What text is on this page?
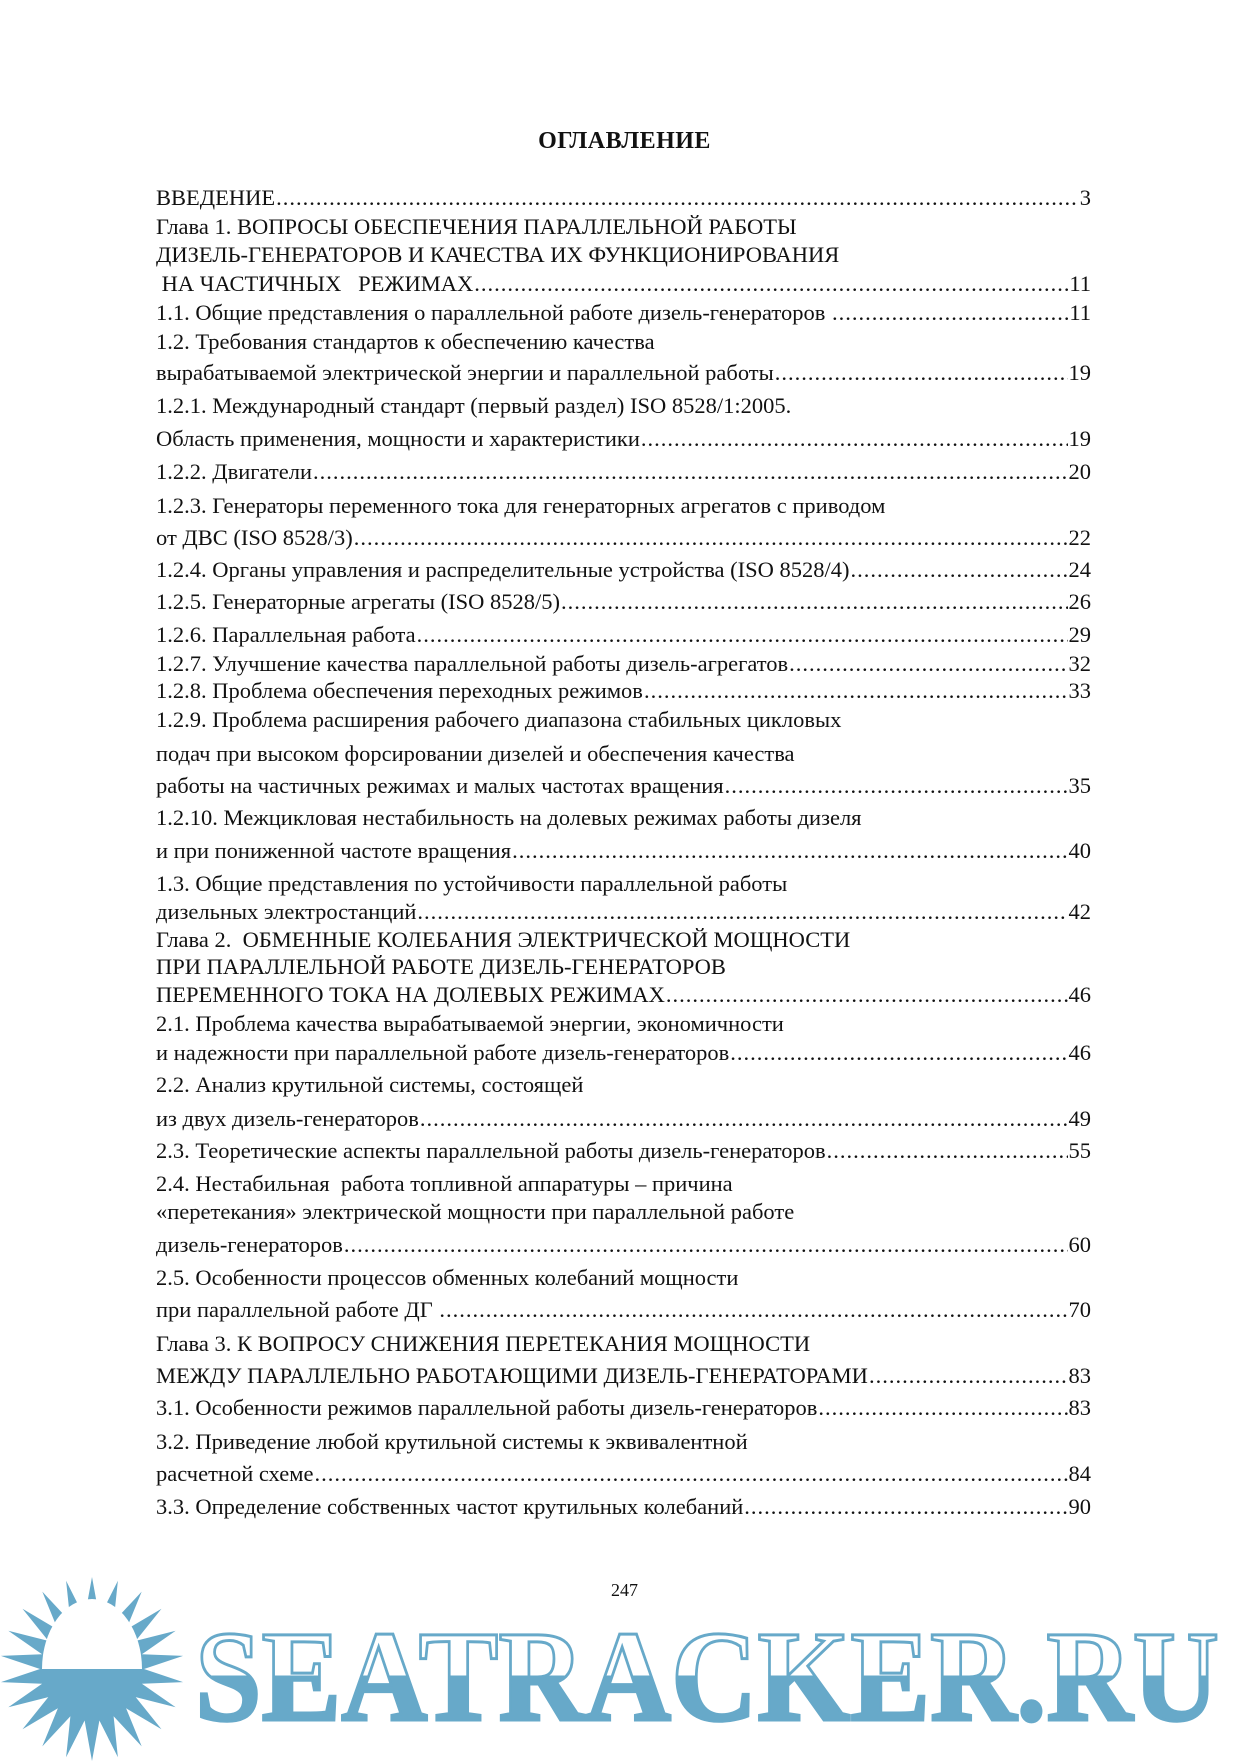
ОГЛАВЛЕНИЕ
ВВЕДЕНИЕ .....	3
Глава 1. ВОПРОСЫ ОБЕСПЕЧЕНИЯ ПАРАЛЛЕЛЬНОЙ РАБОТЫ
ДИЗЕЛЬ-ГЕНЕРАТОРОВ И КАЧЕСТВА ИХ ФУНКЦИОНИРОВАНИЯ
НА ЧАСТИЧНЫХ   РЕЖИМАХ .....	11
1.1. Общие представления о параллельной работе дизель-генераторов .....	11
1.2. Требования стандартов к обеспечению качества
вырабатываемой электрической энергии и параллельной работы .....	19
1.2.1. Международный стандарт (первый раздел) ISO 8528/1:2005.
Область применения, мощности и характеристики .....	19
1.2.2. Двигатели .....	20
1.2.3. Генераторы переменного тока для генераторных агрегатов с приводом
от ДВС (ISO 8528/3) .....	22
1.2.4. Органы управления и распределительные устройства (ISO 8528/4) .....	24
1.2.5. Генераторные агрегаты (ISO 8528/5) .....	26
1.2.6. Параллельная работа .....	29
1.2.7. Улучшение качества параллельной работы дизель-агрегатов .....	32
1.2.8. Проблема обеспечения переходных режимов .....	33
1.2.9. Проблема расширения рабочего диапазона стабильных цикловых
подач при высоком форсировании дизелей и обеспечения качества
работы на частичных режимах и малых частотах вращения .....	35
1.2.10. Межцикловая нестабильность на долевых режимах работы дизеля
и при пониженной частоте вращения .....	40
1.3. Общие представления по устойчивости параллельной работы
дизельных электростанций .....	42
Глава 2.  ОБМЕННЫЕ КОЛЕБАНИЯ ЭЛЕКТРИЧЕСКОЙ МОЩНОСТИ
ПРИ ПАРАЛЛЕЛЬНОЙ РАБОТЕ ДИЗЕЛЬ-ГЕНЕРАТОРОВ
ПЕРЕМЕННОГО ТОКА НА ДОЛЕВЫХ РЕЖИМАХ .....	46
2.1. Проблема качества вырабатываемой энергии, экономичности
и надежности при параллельной работе дизель-генераторов .....	46
2.2. Анализ крутильной системы, состоящей
из двух дизель-генераторов .....	49
2.3. Теоретические аспекты параллельной работы дизель-генераторов .....	55
2.4. Нестабильная  работа топливной аппаратуры – причина
«перетекания» электрической мощности при параллельной работе
дизель-генераторов .....	60
2.5. Особенности процессов обменных колебаний мощности
при параллельной работе ДГ .....	70
Глава 3. К ВОПРОСУ СНИЖЕНИЯ ПЕРЕТЕКАНИЯ МОЩНОСТИ
МЕЖДУ ПАРАЛЛЕЛЬНО РАБОТАЮЩИМИ ДИЗЕЛЬ-ГЕНЕРАТОРАМИ .....	83
3.1. Особенности режимов параллельной работы дизель-генераторов .....	83
3.2. Приведение любой крутильной системы к эквивалентной
расчетной схеме .....	84
3.3. Определение собственных частот крутильных колебаний .....	90
247
SEATRACKER.RU
